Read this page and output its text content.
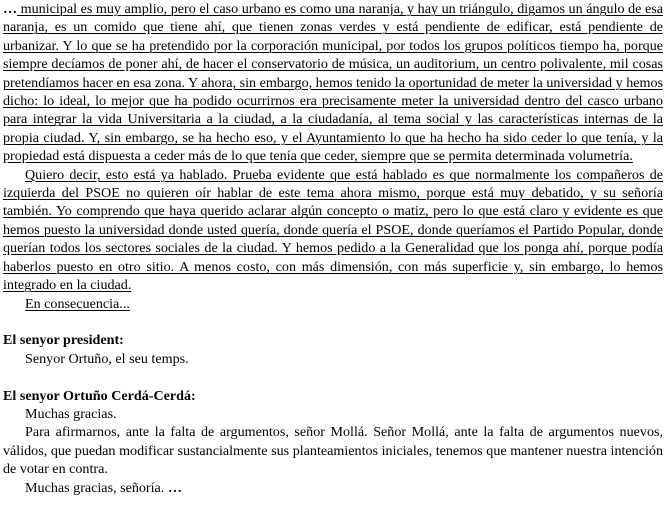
… municipal es muy amplio, pero el caso urbano es como una naranja, y hay un triángulo, digamos un ángulo de esa naranja, es un comido que tiene ahí, que tienen zonas verdes y está pendiente de edificar, está pendiente de urbanizar. Y lo que se ha pretendido por la corporación municipal, por todos los grupos políticos tiempo ha, porque siempre decíamos de poner ahí, de hacer el conservatorio de música, un auditorium, un centro polivalente, mil cosas pretendíamos hacer en esa zona. Y ahora, sin embargo, hemos tenido la oportunidad de meter la universidad y hemos dicho: lo ideal, lo mejor que ha podido ocurrirnos era precisamente meter la universidad dentro del casco urbano para integrar la vida Universitaria a la ciudad, a la ciudadanía, al tema social y las características internas de la propia ciudad. Y, sin embargo, se ha hecho eso, y el Ayuntamiento lo que ha hecho ha sido ceder lo que tenía, y la propiedad está dispuesta a ceder más de lo que tenía que ceder, siempre que se permita determinada volumetría.

Quiero decir, esto está ya hablado. Prueba evidente que está hablado es que normalmente los compañeros de izquierda del PSOE no quieren oír hablar de este tema ahora mismo, porque está muy debatido, y su señoría también. Yo comprendo que haya querido aclarar algún concepto o matiz, pero lo que está claro y evidente es que hemos puesto la universidad donde usted quería, donde quería el PSOE, donde queríamos el Partido Popular, donde querían todos los sectores sociales de la ciudad. Y hemos pedido a la Generalidad que los ponga ahí, porque podía haberlos puesto en otro sitio. A menos costo, con más dimensión, con más superficie y, sin embargo, lo hemos integrado en la ciudad.

En consecuencia...

El senyor president:

Senyor Ortuño, el seu temps.

El senyor Ortuño Cerdá-Cerdá:

Muchas gracias.

Para afirmarnos, ante la falta de argumentos, señor Mollá. Señor Mollá, ante la falta de argumentos nuevos, válidos, que puedan modificar sustancialmente sus planteamientos iniciales, tenemos que mantener nuestra intención de votar en contra.

Muchas gracias, señoría. …
